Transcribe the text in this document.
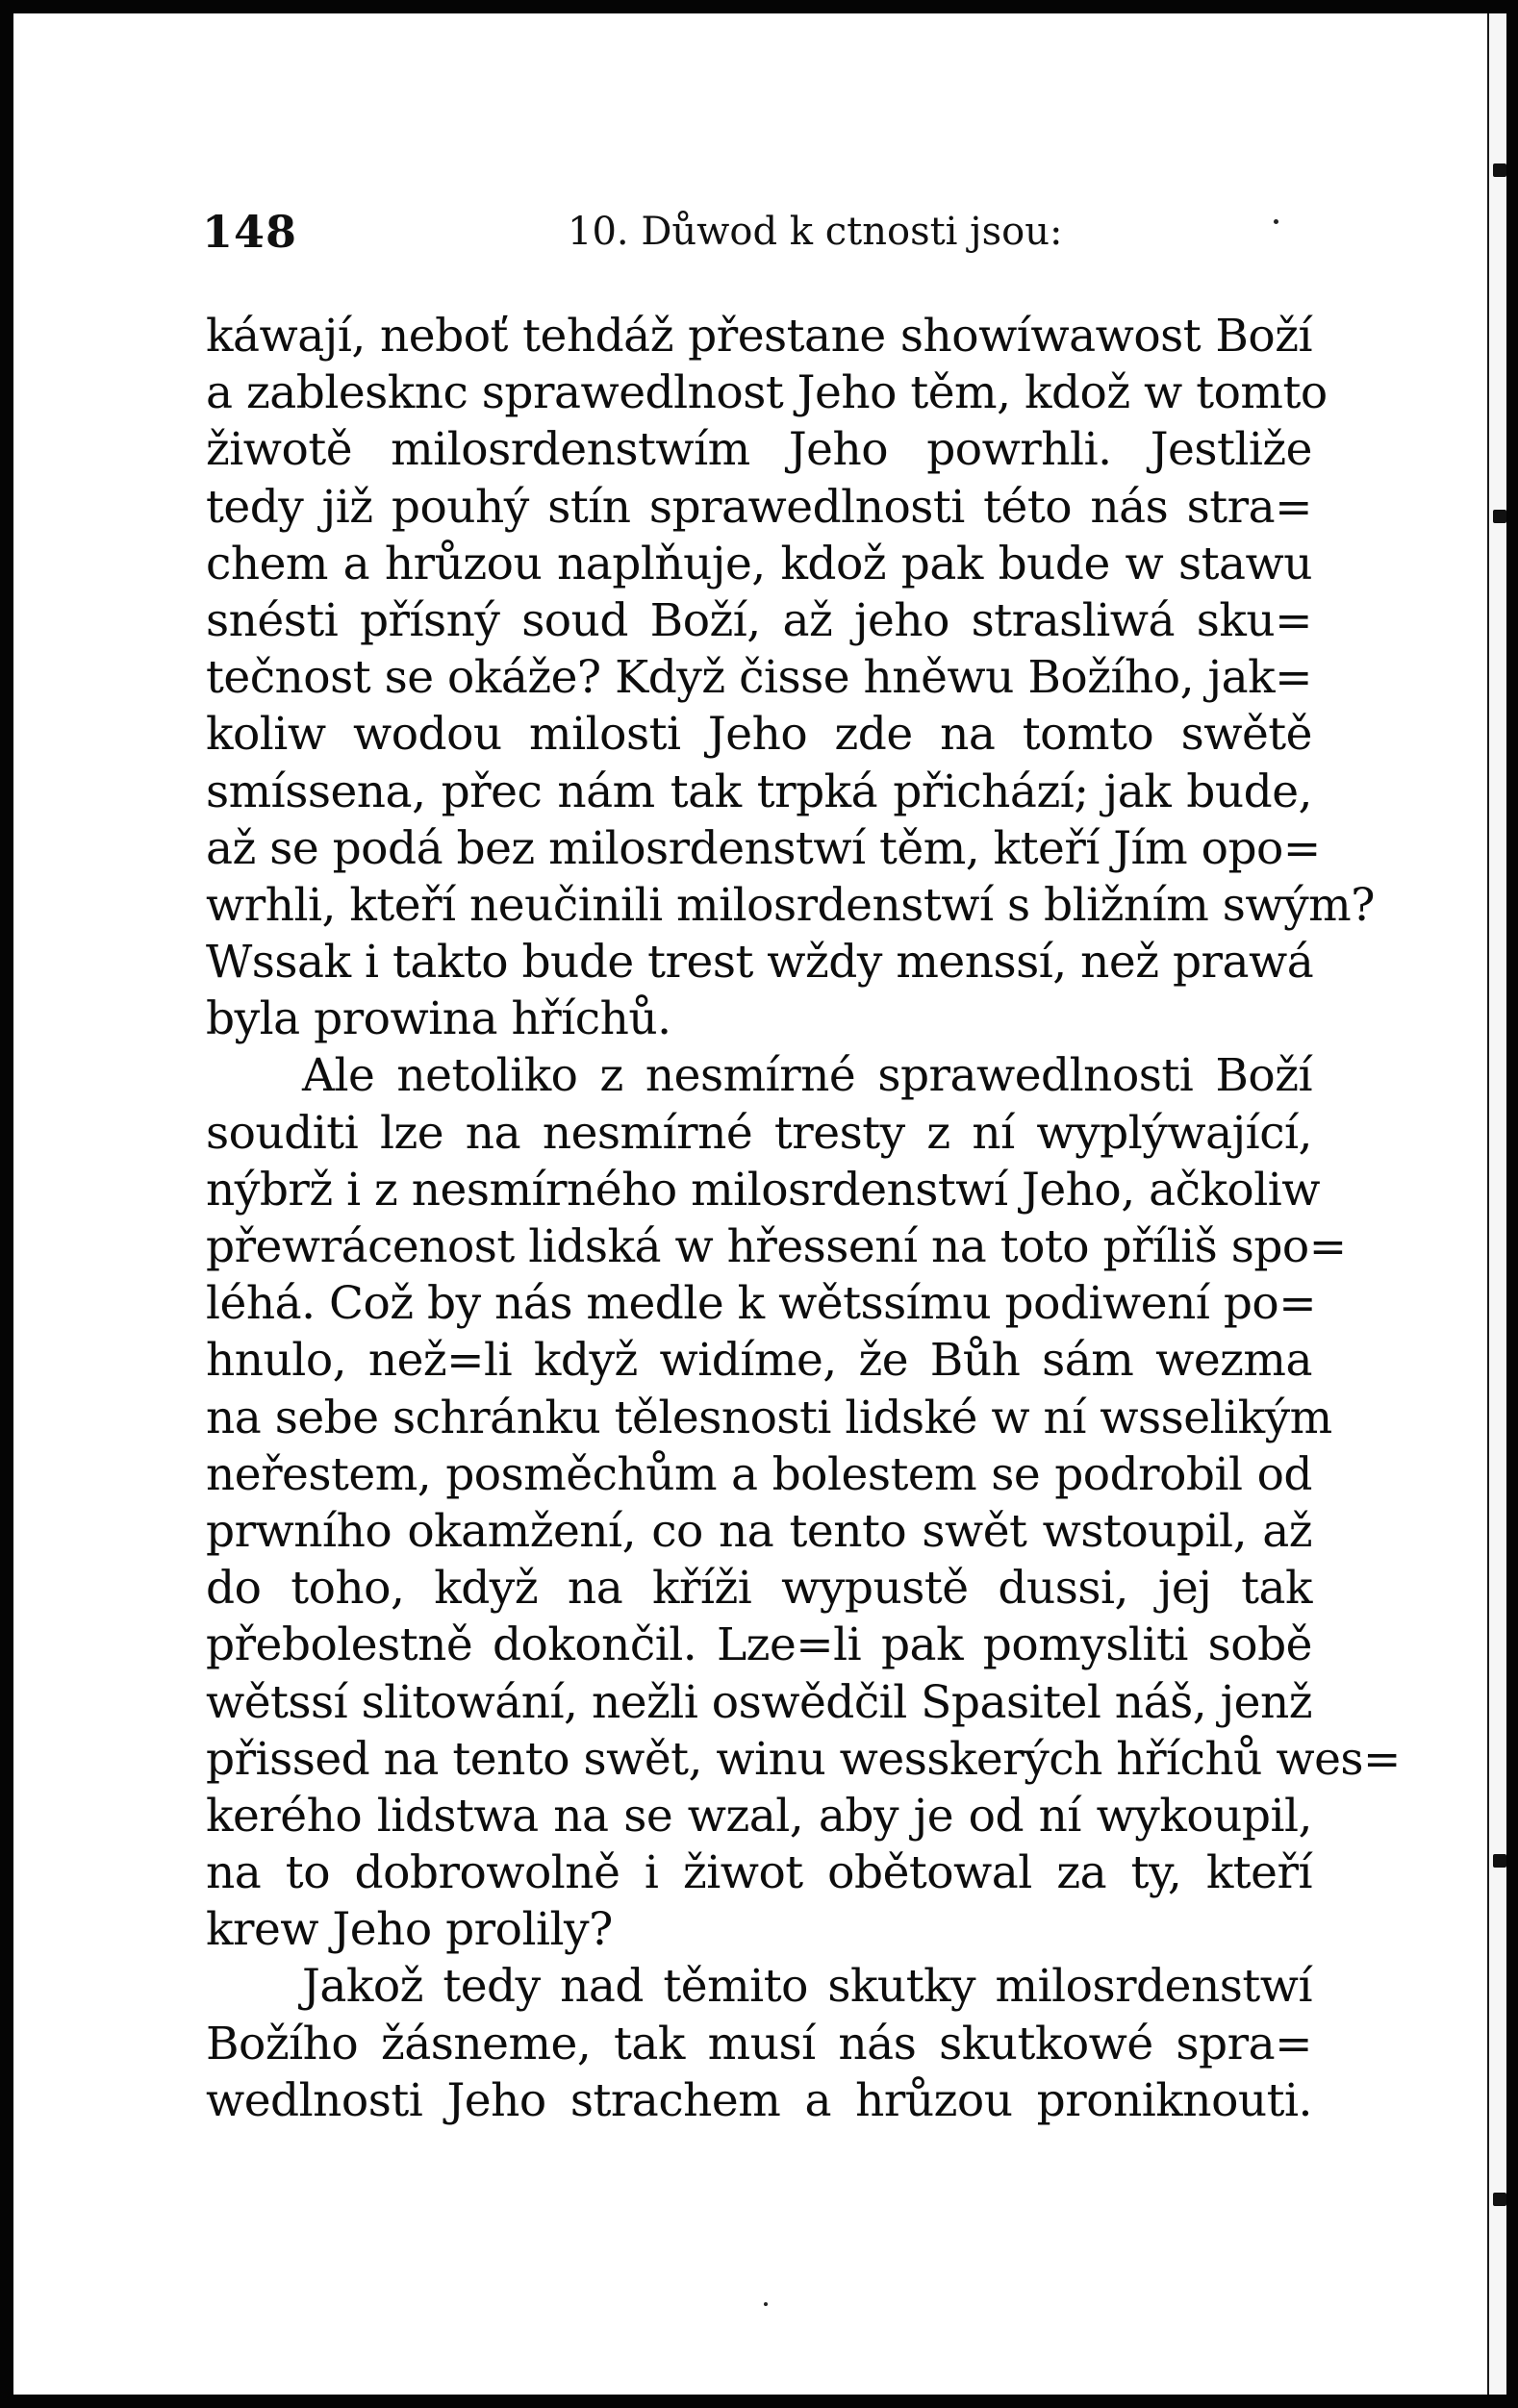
148	10. Důwod k ctnosti jsou:
káwají, neboť tehdáž přestane showíwawost Boží
a zablesknc sprawedlnost Jeho těm, kdož w tomto
žiwotě milosrdenstwím Jeho powrhli. Jestliže
tedy již pouhý stín sprawedlnosti této nás stra=
chem a hrůzou naplňuje, kdož pak bude w stawu
snésti přísný soud Boží, až jeho strasliwá sku=
tečnost se okáže? Když čisse hněwu Božího, jak=
koliw wodou milosti Jeho zde na tomto swětě
smíssena, přec nám tak trpká přichází; jak bude,
až se podá bez milosrdenstwí těm, kteří Jím opo=
wrhli, kteří neučinili milosrdenstwí s bližním swým?
Wssak i takto bude trest wždy menssí, než prawá
byla prowina hříchů.
Ale netoliko z nesmírné sprawedlnosti Boží
souditi lze na nesmírné tresty z ní wyplýwající,
nýbrž i z nesmírného milosrdenstwí Jeho, ačkoliw
přewrácenost lidská w hřessení na toto příliš spo=
léhá. Což by nás medle k wětssímu podiwení po=
hnulo, než=li když widíme, že Bůh sám wezma
na sebe schránku tělesnosti lidské w ní wsselikým
neřestem, posměchům a bolestem se podrobil od
prwního okamžení, co na tento swět wstoupil, až
do toho, když na kříži wypustě dussi, jej tak
přebolestně dokončil. Lze=li pak pomysliti sobě
wětssí slitowání, nežli oswědčil Spasitel náš, jenž
přissed na tento swět, winu wesskerých hříchů wes=
kerého lidstwa na se wzal, aby je od ní wykoupil,
na to dobrowolně i žiwot obětowal za ty, kteří
krew Jeho prolily?
Jakož tedy nad těmito skutky milosrdenstwí
Božího žásneme, tak musí nás skutkowé spra=
wedlnosti Jeho strachem a hrůzou proniknouti.
